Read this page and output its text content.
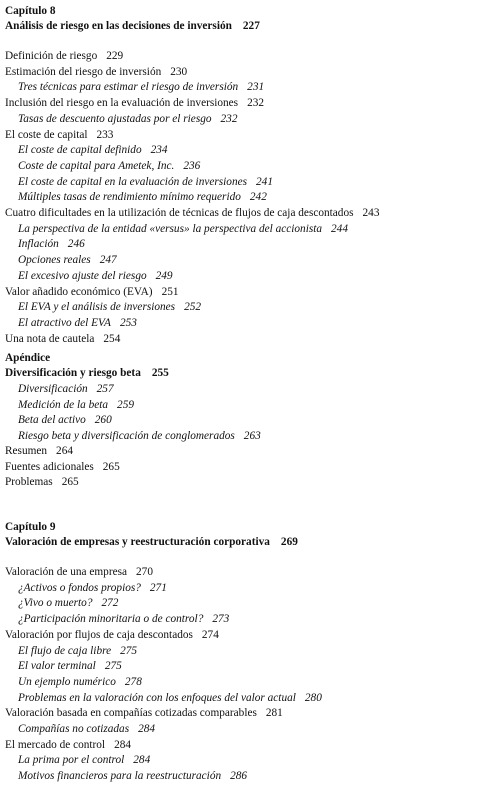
Capítulo 8
Análisis de riesgo en las decisiones de inversión 227
Definición de riesgo 229
Estimación del riesgo de inversión 230
Tres técnicas para estimar el riesgo de inversión 231
Inclusión del riesgo en la evaluación de inversiones 232
Tasas de descuento ajustadas por el riesgo 232
El coste de capital 233
El coste de capital definido 234
Coste de capital para Ametek, Inc. 236
El coste de capital en la evaluación de inversiones 241
Múltiples tasas de rendimiento mínimo requerido 242
Cuatro dificultades en la utilización de técnicas de flujos de caja descontados 243
La perspectiva de la entidad «versus» la perspectiva del accionista 244
Inflación 246
Opciones reales 247
El excesivo ajuste del riesgo 249
Valor añadido económico (EVA) 251
El EVA y el análisis de inversiones 252
El atractivo del EVA 253
Una nota de cautela 254
Apéndice
Diversificación y riesgo beta 255
Diversificación 257
Medición de la beta 259
Beta del activo 260
Riesgo beta y diversificación de conglomerados 263
Resumen 264
Fuentes adicionales 265
Problemas 265
Capítulo 9
Valoración de empresas y reestructuración corporativa 269
Valoración de una empresa 270
¿Activos o fondos propios? 271
¿Vivo o muerto? 272
¿Participación minoritaria o de control? 273
Valoración por flujos de caja descontados 274
El flujo de caja libre 275
El valor terminal 275
Un ejemplo numérico 278
Problemas en la valoración con los enfoques del valor actual 280
Valoración basada en compañías cotizadas comparables 281
Compañías no cotizadas 284
El mercado de control 284
La prima por el control 284
Motivos financieros para la reestructuración 286
